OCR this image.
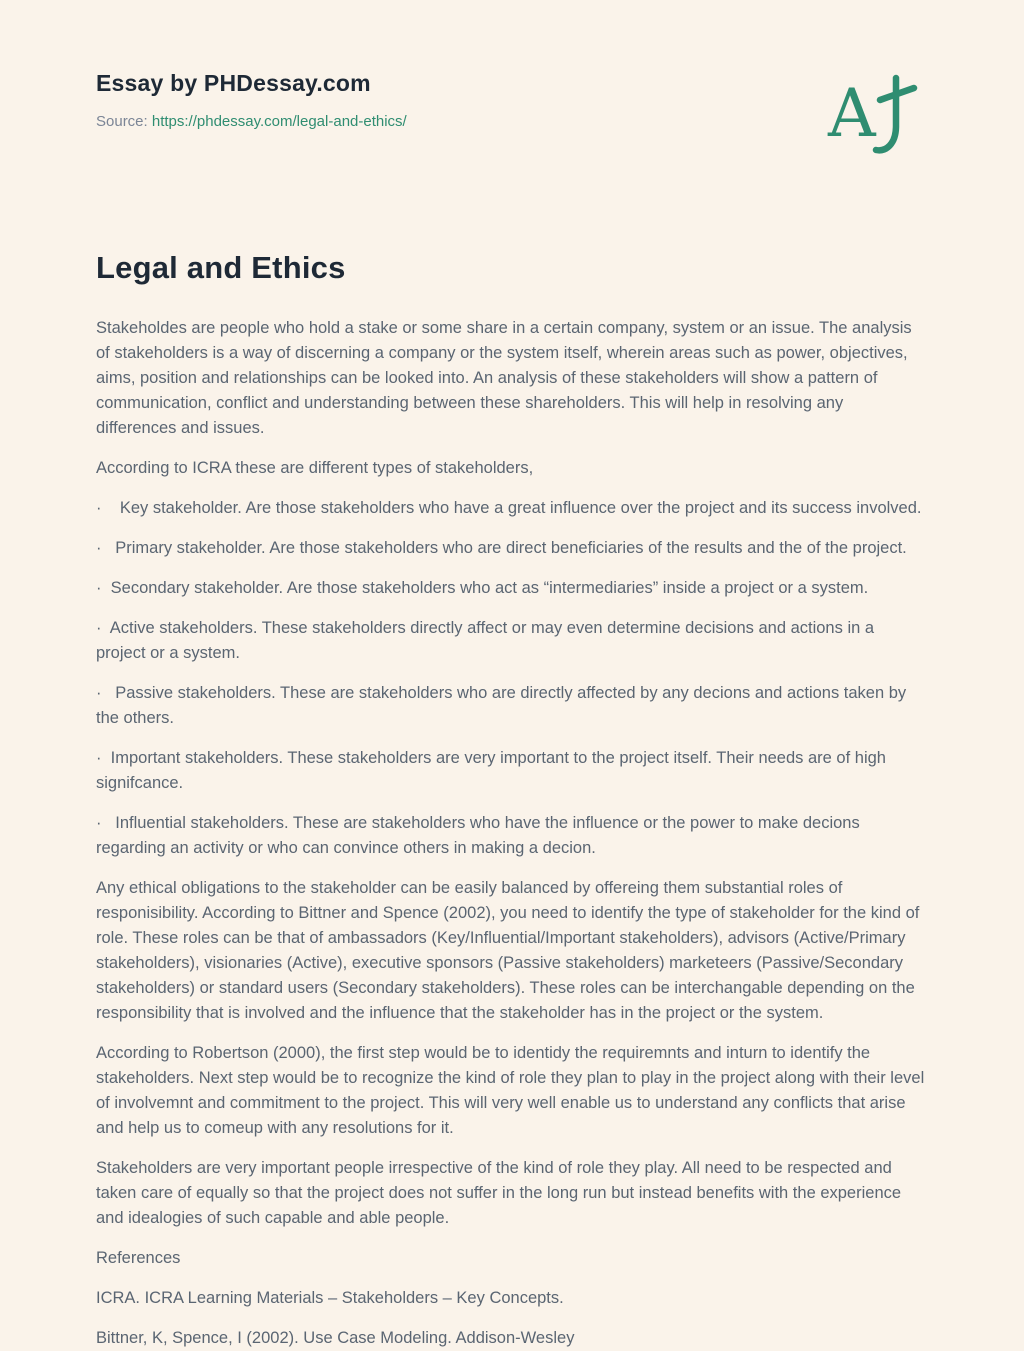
Essay by PHDessay.com

Source: https://phdessay.com/legal-and-ethics/	A
Legal and Ethics

Stakeholdes are people who hold a stake or some share in a certain company, system or an issue. The analysis of stakeholders is a way of discerning a company or the system itself, wherein areas such as power, objectives, aims, position and relationships can be looked into. An analysis of these stakeholders will show a pattern of communication, conflict and understanding between these shareholders. This will help in resolving any differences and issues.

According to ICRA these are different types of stakeholders,

·    Key stakeholder. Are those stakeholders who have a great influence over the project and its success involved.

·   Primary stakeholder. Are those stakeholders who are direct beneficiaries of the results and the of the project.

·  Secondary stakeholder. Are those stakeholders who act as “intermediaries” inside a project or a system.

·  Active stakeholders. These stakeholders directly affect or may even determine decisions and actions in a project or a system.

·   Passive stakeholders. These are stakeholders who are directly affected by any decions and actions taken by the others.

·  Important stakeholders. These stakeholders are very important to the project itself. Their needs are of high signifcance.

·   Influential stakeholders. These are stakeholders who have the influence or the power to make decions regarding an activity or who can convince others in making a decion.

Any ethical obligations to the stakeholder can be easily balanced by offereing them substantial roles of responisibility. According to Bittner and Spence (2002), you need to identify the type of stakeholder for the kind of role. These roles can be that of ambassadors (Key/Influential/Important stakeholders), advisors (Active/Primary stakeholders), visionaries (Active), executive sponsors (Passive stakeholders) marketeers (Passive/Secondary stakeholders) or standard users (Secondary stakeholders). These roles can be interchangable depending on the responsibility that is involved and the influence that the stakeholder has in the project or the system.

According to Robertson (2000), the first step would be to identidy the requiremnts and inturn to identify the stakeholders. Next step would be to recognize the kind of role they plan to play in the project along with their level of involvemnt and commitment to the project. This will very well enable us to understand any conflicts that arise and help us to comeup with any resolutions for it.

Stakeholders are very important people irrespective of the kind of role they play. All need to be respected and taken care of equally so that the project does not suffer in the long run but instead benefits with the experience and idealogies of such capable and able people.

References

ICRA. ICRA Learning Materials – Stakeholders – Key Concepts.

Bittner, K, Spence, I (2002). Use Case Modeling. Addison-Wesley
